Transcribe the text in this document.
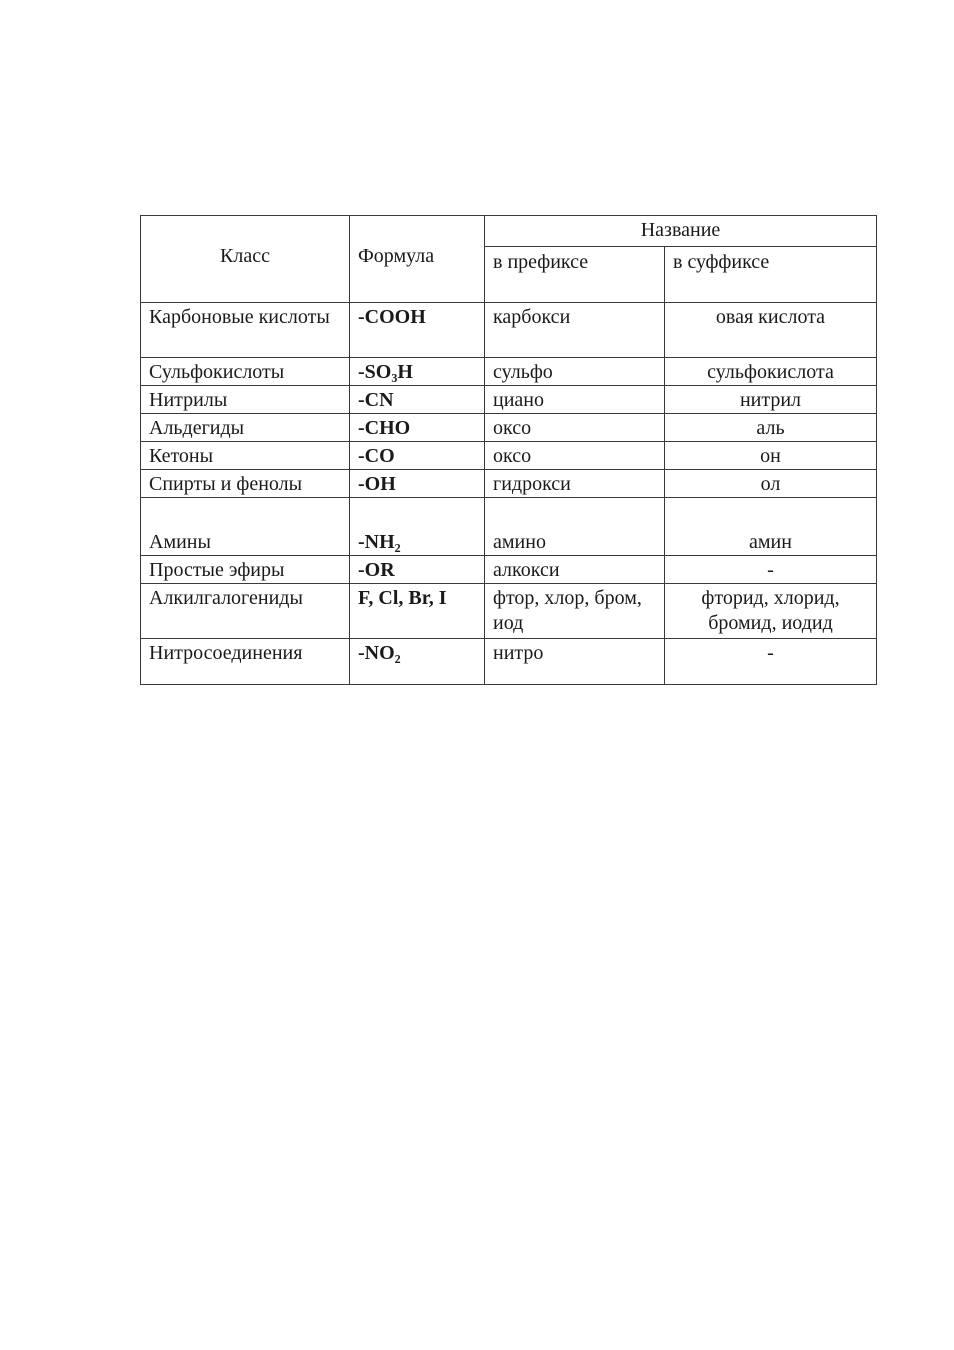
Класс	Формула	Название	
		в префиксе	в суффиксе
Карбоновые кислоты	-COOH	карбокси	овая кислота
Сульфокислоты	-SO₃H	сульфо	сульфокислота
Нитрилы	-CN	циано	нитрил
Альдегиды	-CHO	оксо	аль
Кетоны	-CO	оксо	он
Спирты и фенолы	-OH	гидрокси	ол
Амины	-NH₂	амино	амин
Простые эфиры	-OR	алкокси	-
Алкилгалогениды	F, Cl, Br, I	фтор, хлор, бром, иод	фторид, хлорид, бромид, иодид
Нитросоединения	-NO₂	нитро	-
